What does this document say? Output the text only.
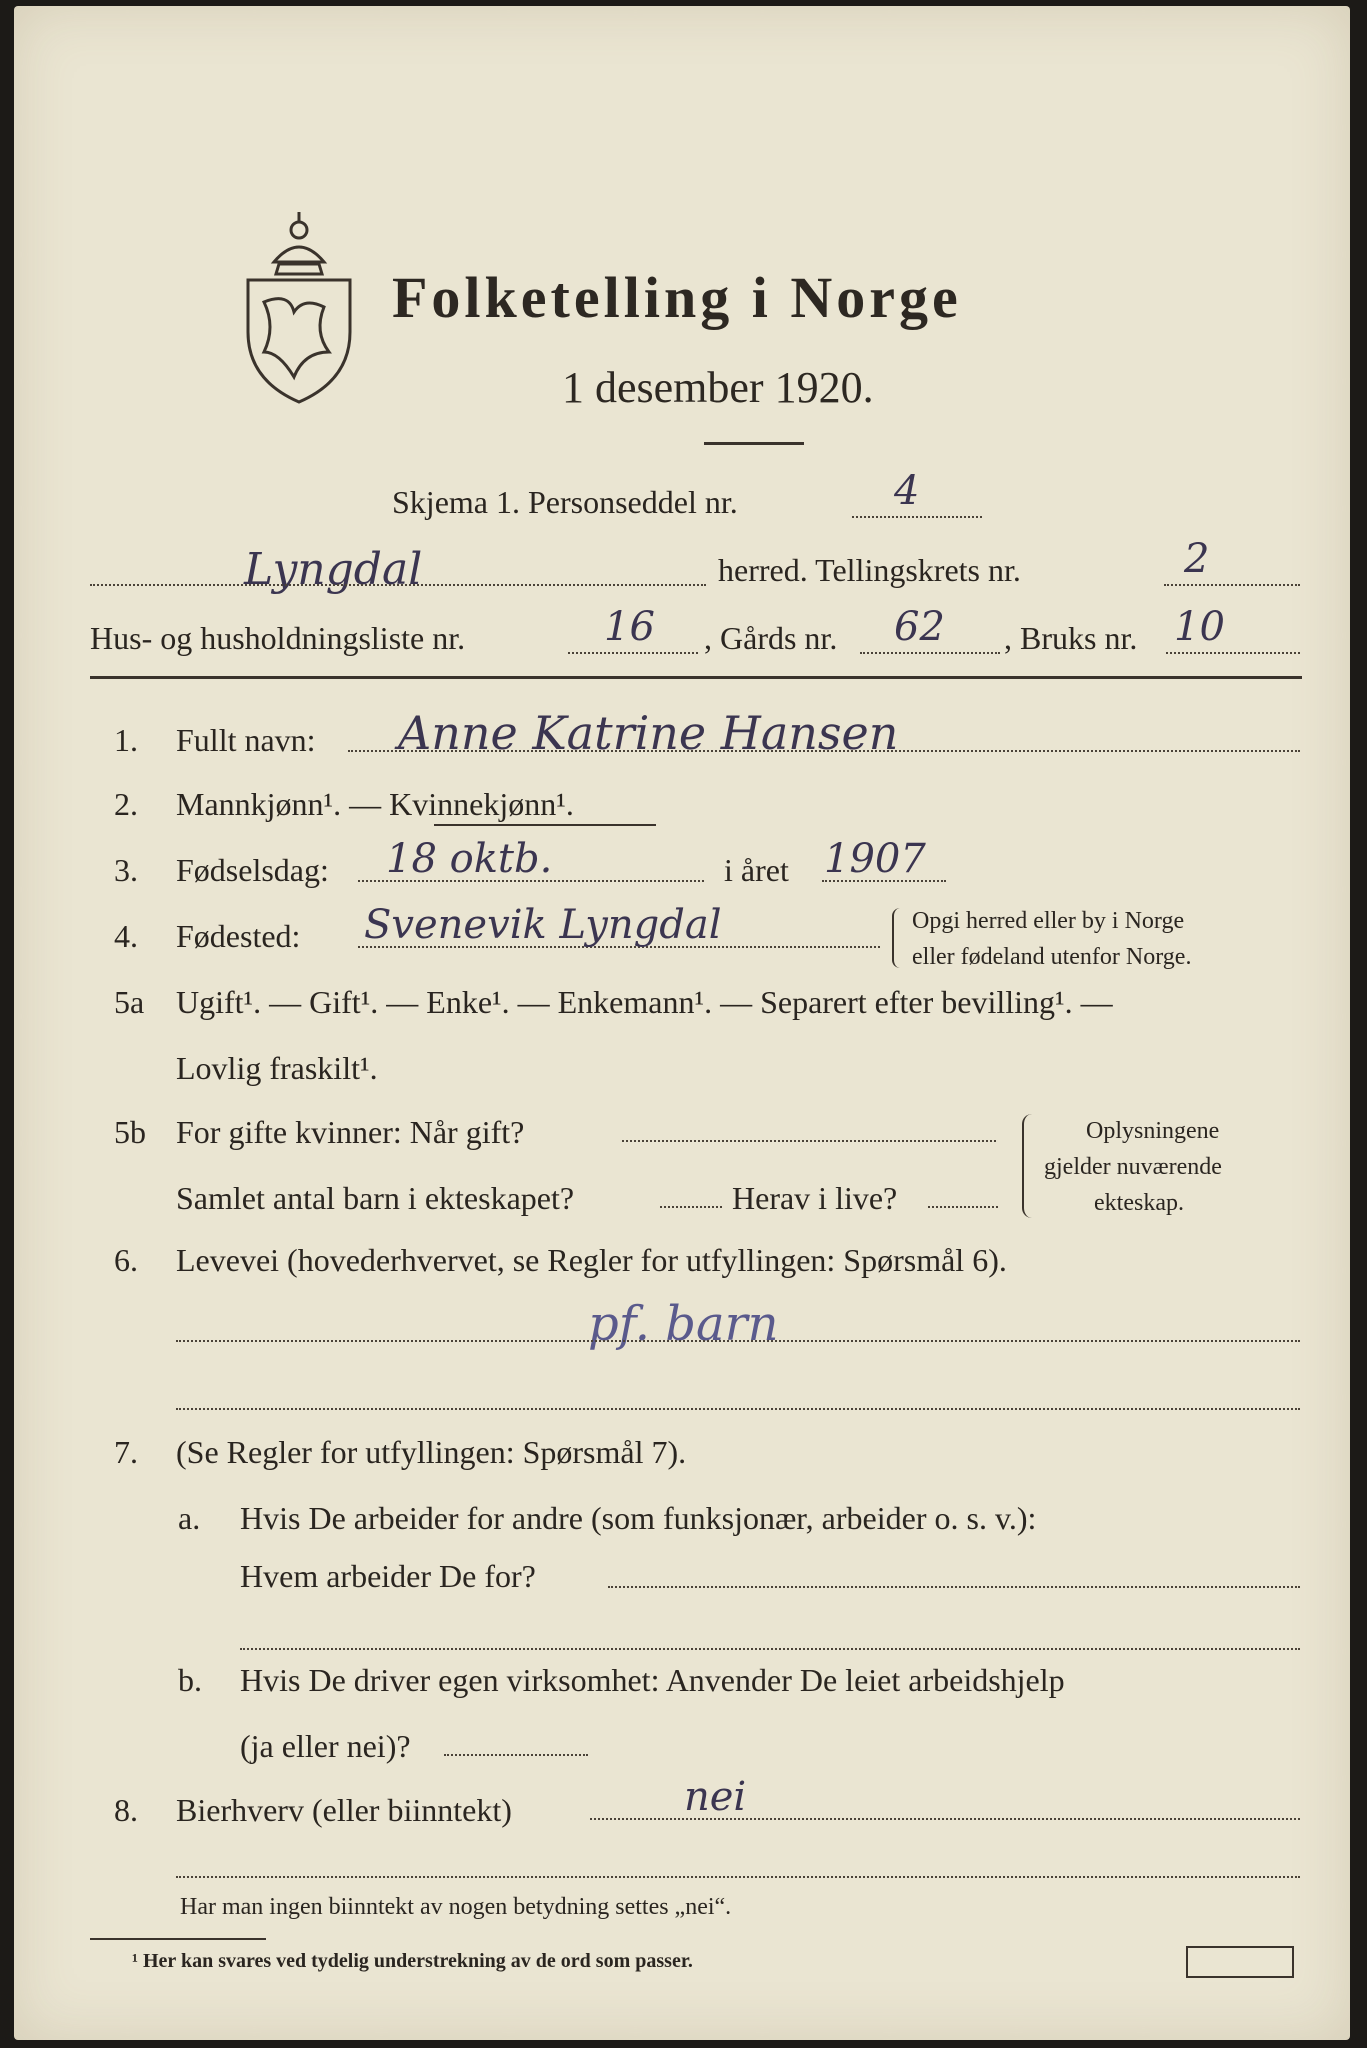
Folketelling i Norge
1 desember 1920.
Skjema 1. Personseddel nr.	4
Lyngdal	herred. Tellingskrets nr.	2
Hus- og husholdningsliste nr.	16 , Gårds nr. 62 , Bruks nr. 10
1. Fullt navn: Anne Katrine Hansen
2. Mannkjønn¹. — Kvinnekjønn¹.
3. Fødselsdag: 18 oktb.	i året 1907
4. Fødested: Svenevik Lyngdal	Opgi herred eller by i Norge
eller fødeland utenfor Norge.
5a Ugift¹. — Gift¹. — Enke¹. — Enkemann¹. — Separert efter bevilling¹. —
Lovlig fraskilt¹.
5b For gifte kvinner: Når gift?
Samlet antal barn i ekteskapet?	Herav i live?
Oplysningene
gjelder nuværende
ekteskap.
6. Levevei (hovederhvervet, se Regler for utfyllingen: Spørsmål 6).
pf. barn
7. (Se Regler for utfyllingen: Spørsmål 7).
a. Hvis De arbeider for andre (som funksjonær, arbeider o. s. v.):
Hvem arbeider De for?
b. Hvis De driver egen virksomhet: Anvender De leiet arbeidshjelp
(ja eller nei)?
8. Bierhverv (eller biinntekt)	nei
Har man ingen biinntekt av nogen betydning settes „nei“.
¹ Her kan svares ved tydelig understrekning av de ord som passer.
